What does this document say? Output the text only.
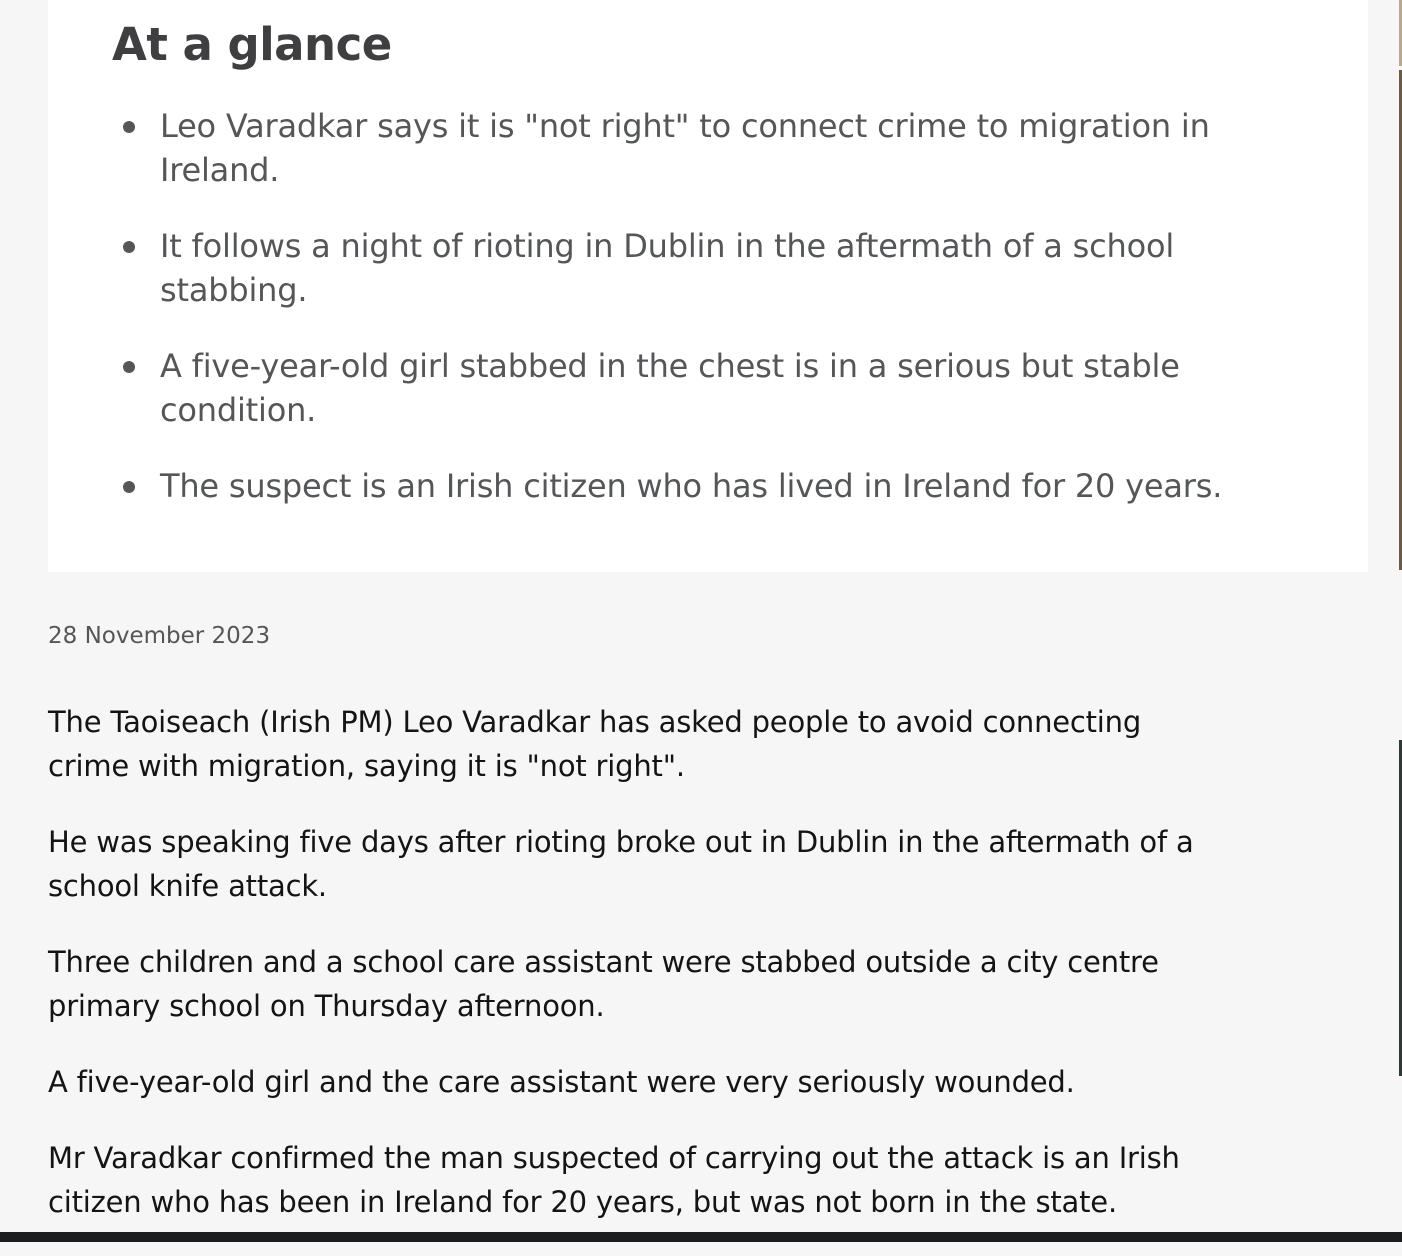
At a glance
Leo Varadkar says it is "not right" to connect crime to migration in Ireland.
It follows a night of rioting in Dublin in the aftermath of a school stabbing.
A five-year-old girl stabbed in the chest is in a serious but stable condition.
The suspect is an Irish citizen who has lived in Ireland for 20 years.
28 November 2023

The Taoiseach (Irish PM) Leo Varadkar has asked people to avoid connecting crime with migration, saying it is "not right".

He was speaking five days after rioting broke out in Dublin in the aftermath of a school knife attack.

Three children and a school care assistant were stabbed outside a city centre primary school on Thursday afternoon.

A five-year-old girl and the care assistant were very seriously wounded.

Mr Varadkar confirmed the man suspected of carrying out the attack is an Irish citizen who has been in Ireland for 20 years, but was not born in the state.
